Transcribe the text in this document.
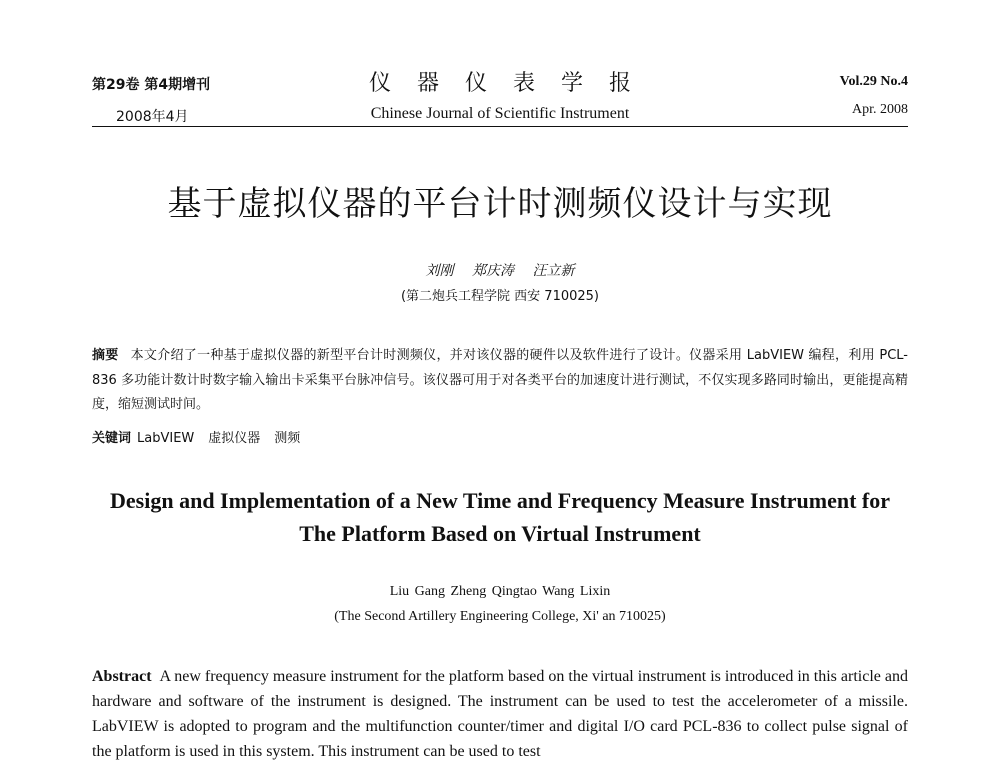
第29卷 第4期增刊
2008年4月
仪器仪表学报
Chinese Journal of Scientific Instrument
Vol.29 No.4
Apr. 2008
基于虚拟仪器的平台计时测频仪设计与实现
刘刚 郑庆涛 汪立新
(第二炮兵工程学院 西安 710025)
摘要 本文介绍了一种基于虚拟仪器的新型平台计时测频仪，并对该仪器的硬件以及软件进行了设计。仪器采用 LabVIEW 编程，利用 PCL-836 多功能计数计时数字输入输出卡采集平台脉冲信号。该仪器可用于对各类平台的加速度计进行测试，不仅实现多路同时输出，更能提高精度，缩短测试时间。
关键词 LabVIEW 虚拟仪器 测频
Design and Implementation of a New Time and Frequency Measure Instrument for The Platform Based on Virtual Instrument
Liu Gang Zheng Qingtao Wang Lixin
(The Second Artillery Engineering College, Xi' an 710025)
Abstract A new frequency measure instrument for the platform based on the virtual instrument is introduced in this article and hardware and software of the instrument is designed. The instrument can be used to test the accelerometer of a missile. LabVIEW is adopted to program and the multifunction counter/timer and digital I/O card PCL-836 to collect pulse signal of the platform is used in this system. This instrument can be used to test
